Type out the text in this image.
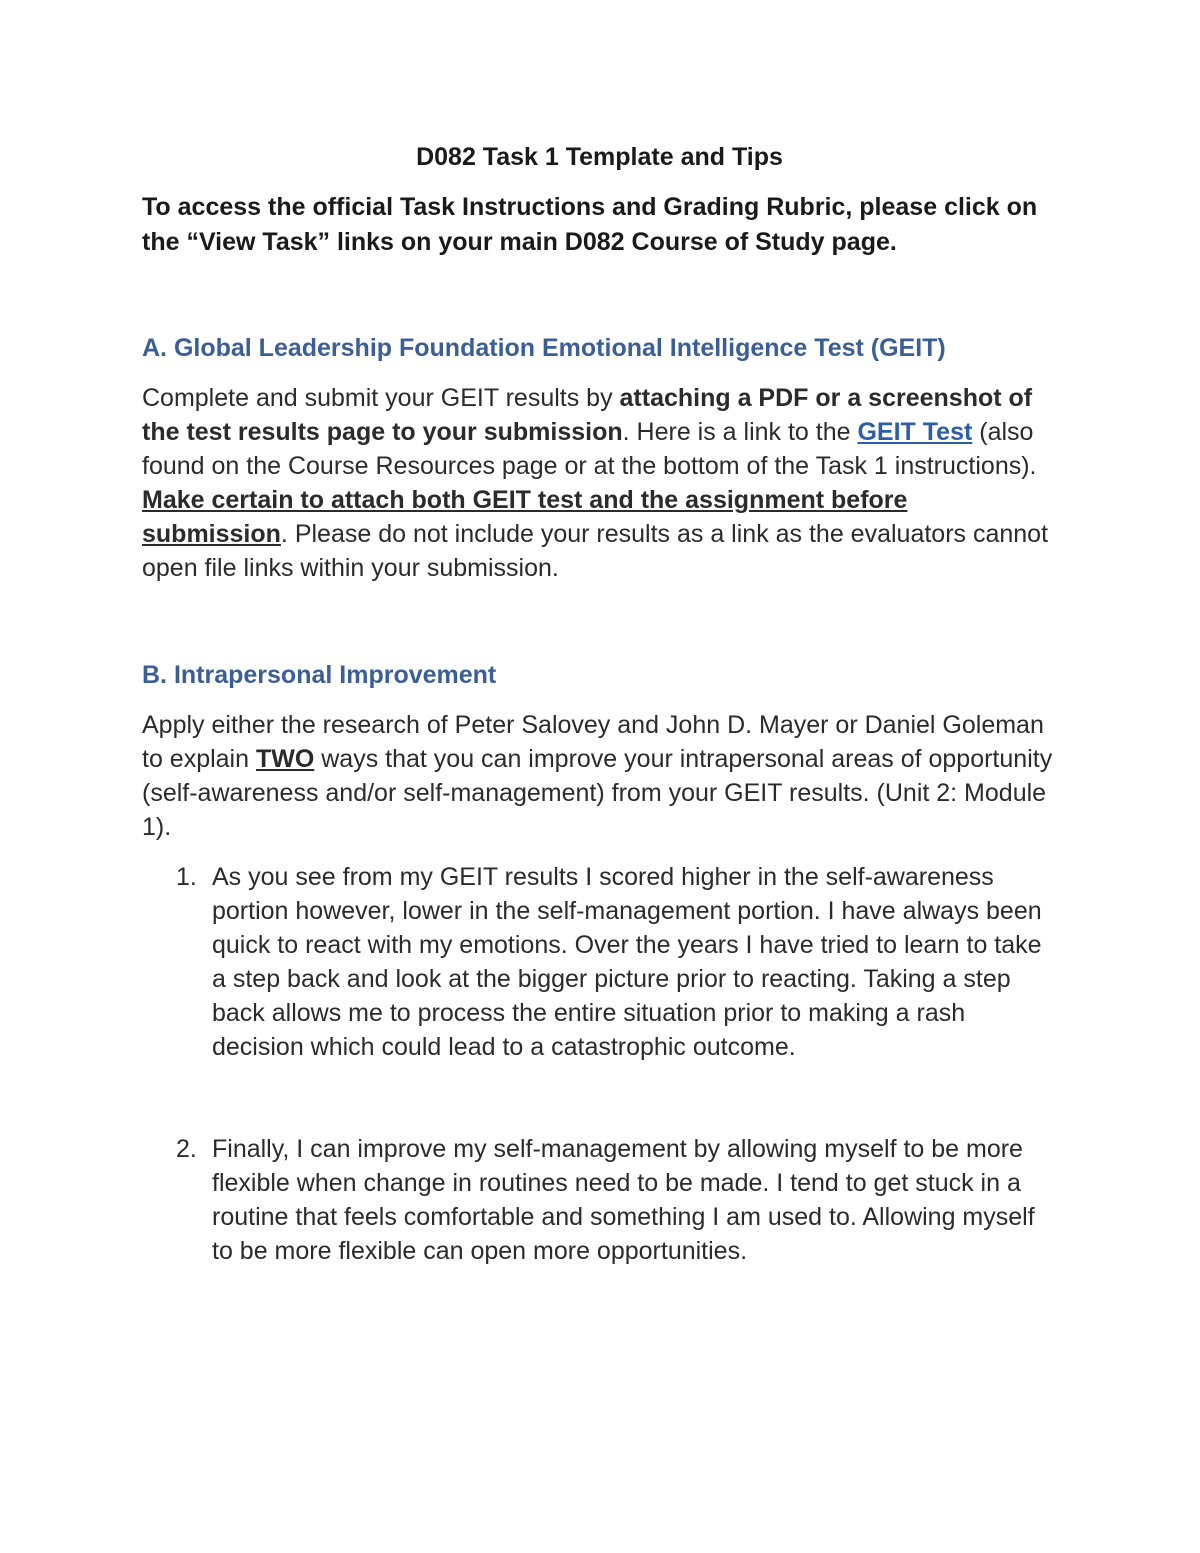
D082 Task 1 Template and Tips

To access the official Task Instructions and Grading Rubric, please click on the “View Task” links on your main D082 Course of Study page.

A. Global Leadership Foundation Emotional Intelligence Test (GEIT)

Complete and submit your GEIT results by attaching a PDF or a screenshot of the test results page to your submission. Here is a link to the GEIT Test (also found on the Course Resources page or at the bottom of the Task 1 instructions). Make certain to attach both GEIT test and the assignment before submission. Please do not include your results as a link as the evaluators cannot open file links within your submission.

B. Intrapersonal Improvement

Apply either the research of Peter Salovey and John D. Mayer or Daniel Goleman to explain TWO ways that you can improve your intrapersonal areas of opportunity (self-awareness and/or self-management) from your GEIT results. (Unit 2: Module 1).

1. As you see from my GEIT results I scored higher in the self-awareness portion however, lower in the self-management portion. I have always been quick to react with my emotions. Over the years I have tried to learn to take a step back and look at the bigger picture prior to reacting. Taking a step back allows me to process the entire situation prior to making a rash decision which could lead to a catastrophic outcome.
2. Finally, I can improve my self-management by allowing myself to be more flexible when change in routines need to be made. I tend to get stuck in a routine that feels comfortable and something I am used to. Allowing myself to be more flexible can open more opportunities.
